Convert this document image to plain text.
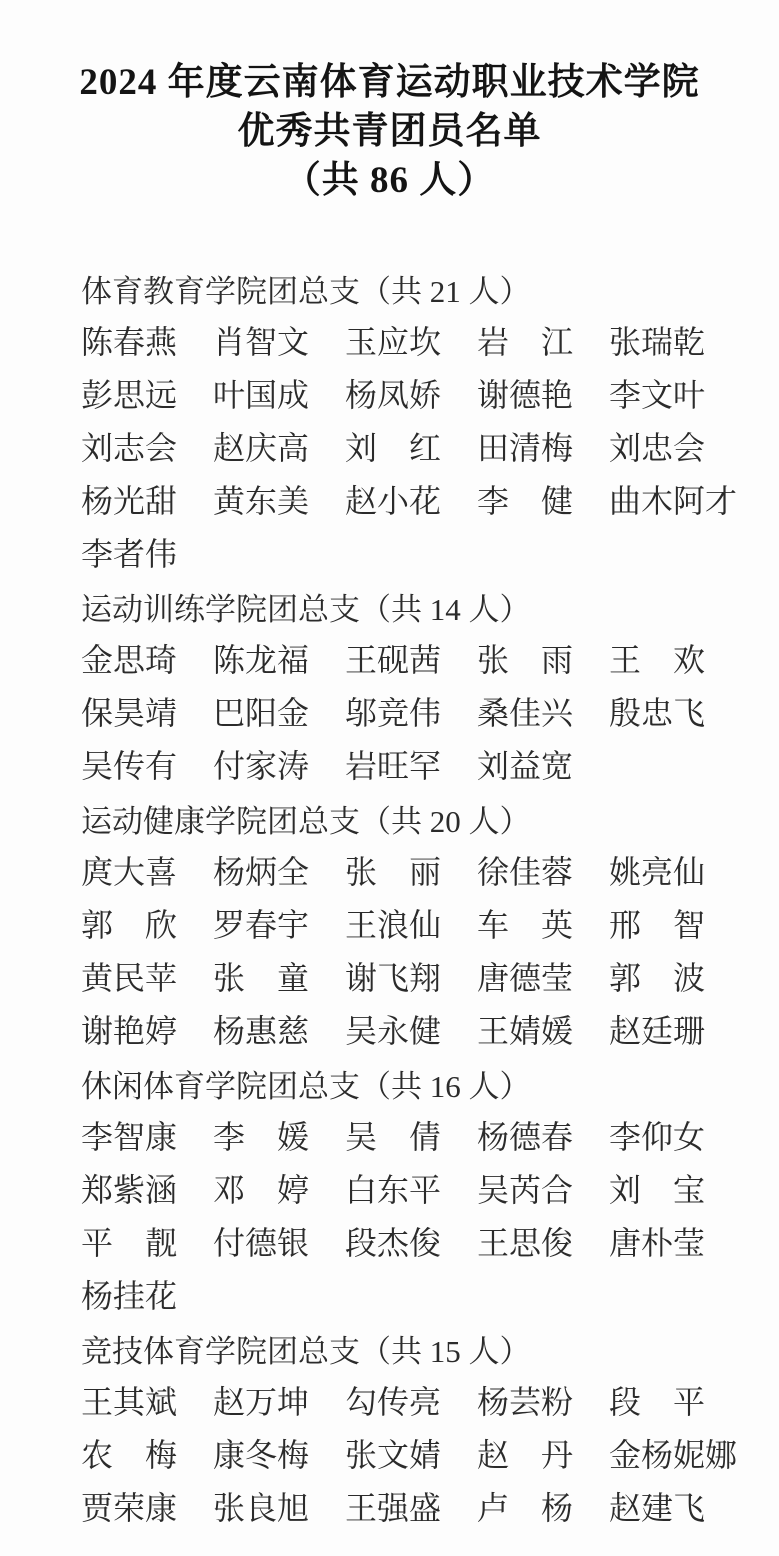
2024 年度云南体育运动职业技术学院
优秀共青团员名单
（共 86 人）
体育教育学院团总支（共 21 人）
陈春燕 肖智文 玉应坎 岩　江 张瑞乾
彭思远 叶国成 杨凤娇 谢德艳 李文叶
刘志会 赵庆高 刘　红 田清梅 刘忠会
杨光甜 黄东美 赵小花 李　健 曲木阿才
李者伟
运动训练学院团总支（共 14 人）
金思琦 陈龙福 王砚茜 张　雨 王　欢
保昊靖 巴阳金 邬竞伟 桑佳兴 殷忠飞
吴传有 付家涛 岩旺罕 刘益宽
运动健康学院团总支（共 20 人）
庹大喜 杨炳全 张　丽 徐佳蓉 姚亮仙
郭　欣 罗春宇 王浪仙 车　英 邢　智
黄民苹 张　童 谢飞翔 唐德莹 郭　波
谢艳婷 杨惠慈 吴永健 王婧媛 赵廷珊
休闲体育学院团总支（共 16 人）
李智康 李　媛 吴　倩 杨德春 李仰女
郑紫涵 邓　婷 白东平 吴芮合 刘　宝
平　靓 付德银 段杰俊 王思俊 唐朴莹
杨挂花
竞技体育学院团总支（共 15 人）
王其斌 赵万坤 勾传亮 杨芸粉 段　平
农　梅 康冬梅 张文婧 赵　丹 金杨妮娜
贾荣康 张良旭 王强盛 卢　杨 赵建飞
